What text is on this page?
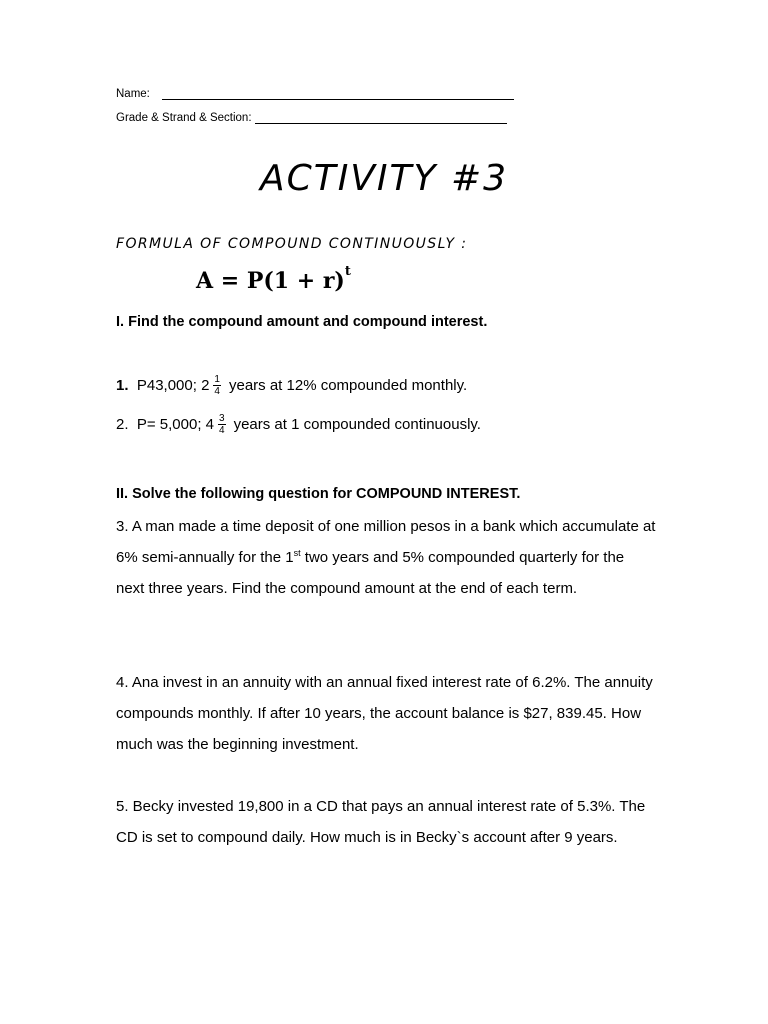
Name:
Grade & Strand & Section:
ACTIVITY #3
FORMULA OF COMPOUND CONTINUOUSLY :
$A = P(1 + r)^t$
I. Find the compound amount and compound interest.
1.
P43,000; $2 \frac{1}{4}$ years at 12% compounded monthly.
2.
P= 5,000; $4 \frac{3}{4}$ years at 1 compounded continuously.
II. Solve the following question for COMPOUND INTEREST.
3. A man made a time deposit of one million pesos in a bank which accumulate at 6% semi-annually for the 1st two years and 5% compounded quarterly for the next three years. Find the compound amount at the end of each term.
4. Ana invest in an annuity with an annual fixed interest rate of 6.2%. The annuity compounds monthly. If after 10 years, the account balance is $27, 839.45. How much was the beginning investment.
5. Becky invested 19,800 in a CD that pays an annual interest rate of 5.3%. The CD is set to compound daily. How much is in Becky`s account after 9 years.
